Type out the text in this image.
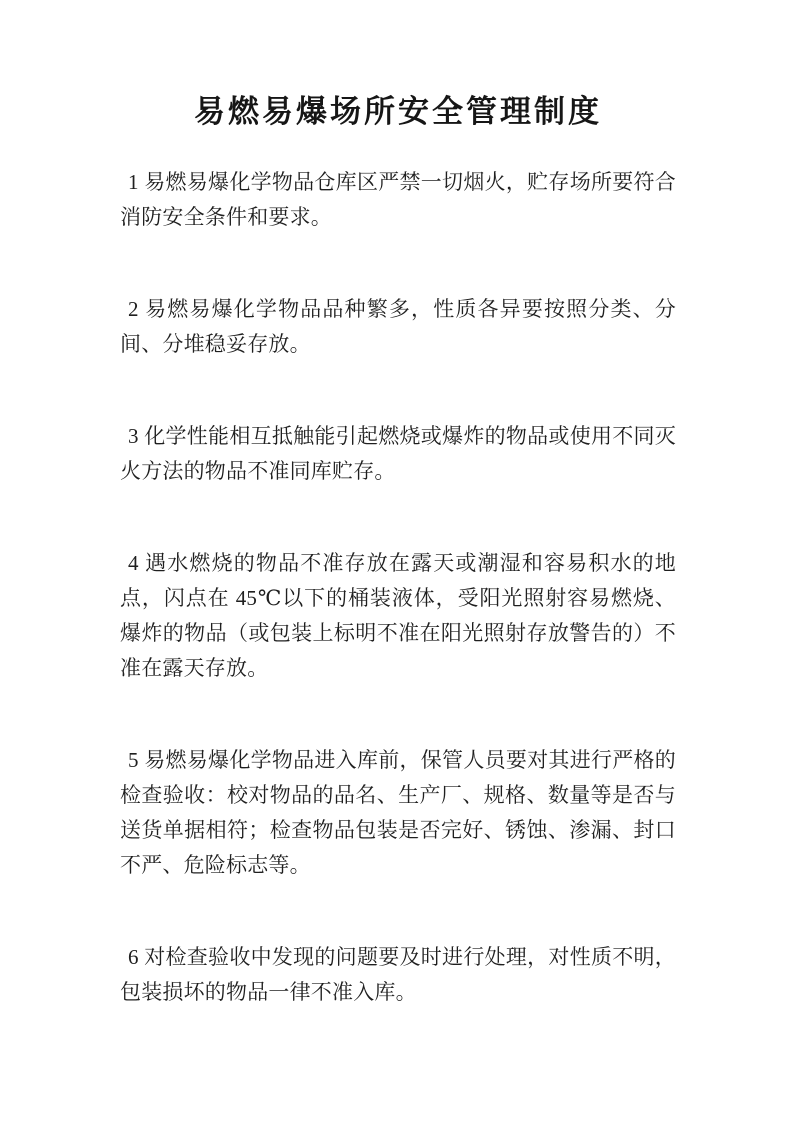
易燃易爆场所安全管理制度

1 易燃易爆化学物品仓库区严禁一切烟火，贮存场所要符合消防安全条件和要求。

2 易燃易爆化学物品品种繁多，性质各异要按照分类、分间、分堆稳妥存放。

3 化学性能相互抵触能引起燃烧或爆炸的物品或使用不同灭火方法的物品不准同库贮存。

4 遇水燃烧的物品不准存放在露天或潮湿和容易积水的地点，闪点在 45℃以下的桶装液体，受阳光照射容易燃烧、爆炸的物品（或包装上标明不准在阳光照射存放警告的）不准在露天存放。

5 易燃易爆化学物品进入库前，保管人员要对其进行严格的检查验收：校对物品的品名、生产厂、规格、数量等是否与送货单据相符；检查物品包装是否完好、锈蚀、渗漏、封口不严、危险标志等。

6 对检查验收中发现的问题要及时进行处理，对性质不明，包装损坏的物品一律不准入库。
